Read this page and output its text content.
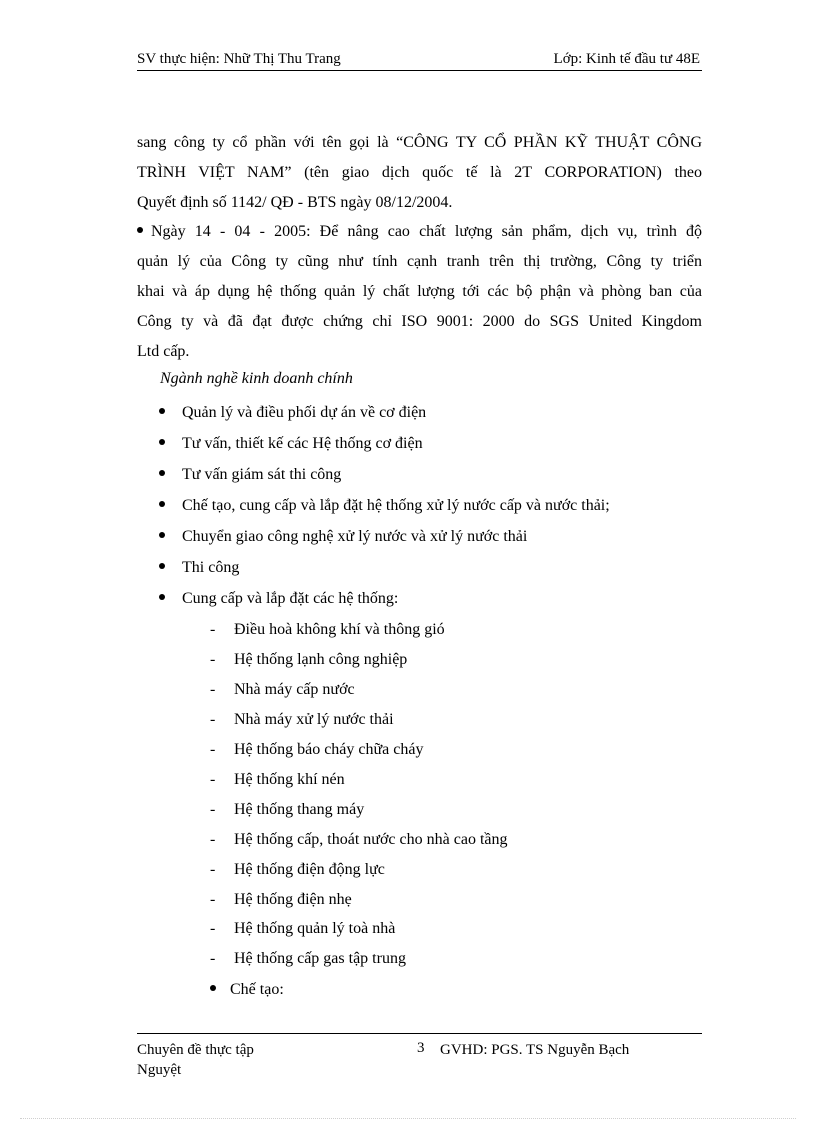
SV thực hiện: Nhữ Thị Thu Trang	Lớp: Kinh tế đầu tư 48E
sang công ty cổ phần với tên gọi là “CÔNG TY CỔ PHẦN KỸ THUẬT CÔNG
TRÌNH VIỆT NAM” (tên giao dịch quốc tế là 2T CORPORATION) theo
Quyết định số 1142/ QĐ - BTS ngày 08/12/2004.
Ngày 14 - 04 - 2005: Để nâng cao chất lượng sản phẩm, dịch vụ, trình độ
quản lý của Công ty cũng như tính cạnh tranh trên thị trường, Công ty triển
khai và áp dụng hệ thống quản lý chất lượng tới các bộ phận và phòng ban của
Công ty và đã đạt được chứng chỉ ISO 9001: 2000 do SGS United Kingdom
Ltd cấp.
Ngành nghề kinh doanh chính
Quản lý và điều phối dự án về cơ điện
Tư vấn, thiết kế các Hệ thống cơ điện
Tư vấn giám sát thi công
Chế tạo, cung cấp và lắp đặt hệ thống xử lý nước cấp và nước thải;
Chuyển giao công nghệ xử lý nước và xử lý nước thải
Thi công
Cung cấp và lắp đặt các hệ thống:
- Điều hoà không khí và thông gió
- Hệ thống lạnh công nghiệp
- Nhà máy cấp nước
- Nhà máy xử lý nước thải
- Hệ thống báo cháy chữa cháy
- Hệ thống khí nén
- Hệ thống thang máy
- Hệ thống cấp, thoát nước cho nhà cao tầng
- Hệ thống điện động lực
- Hệ thống điện nhẹ
- Hệ thống quản lý toà nhà
- Hệ thống cấp gas tập trung
Chế tạo:
Chuyên đề thực tập	3 GVHD: PGS. TS Nguyễn Bạch
Nguyệt
